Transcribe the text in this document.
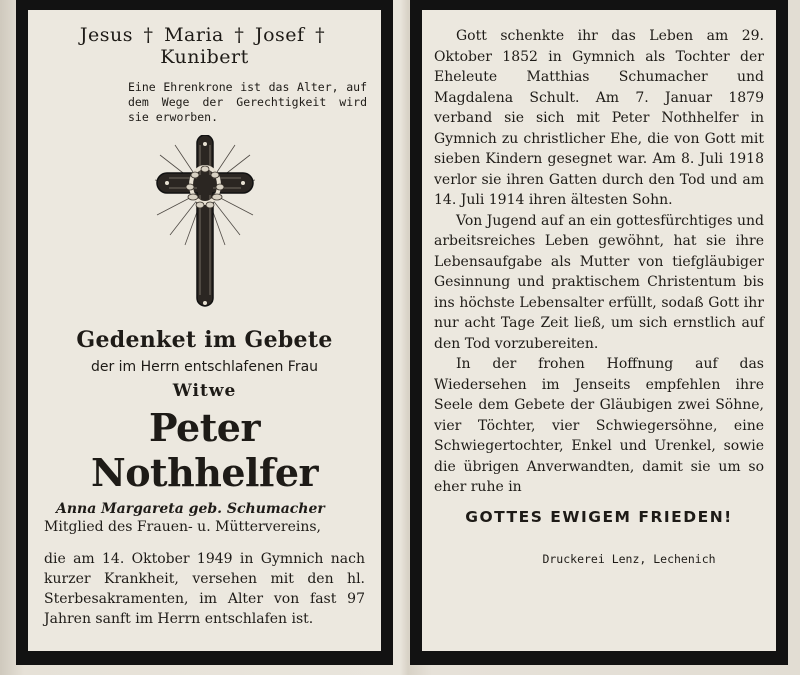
Jesus † Maria † Josef † Kunibert
Eine Ehrenkrone ist das Alter, auf dem Wege der Gerechtigkeit wird sie erworben.
Gedenket im Gebete
der im Herrn entschlafenen Frau
Witwe
Peter Nothhelfer
Anna Margareta geb. Schumacher
Mitglied des Frauen- u. Müttervereins,
die am 14. Oktober 1949 in Gymnich nach kurzer Krankheit, versehen mit den hl. Sterbesakramenten, im Alter von fast 97 Jahren sanft im Herrn entschlafen ist.

Gott schenkte ihr das Leben am 29. Oktober 1852 in Gymnich als Tochter der Eheleute Matthias Schumacher und Magdalena Schult. Am 7. Januar 1879 verband sie sich mit Peter Nothhelfer in Gymnich zu christlicher Ehe, die von Gott mit sieben Kindern gesegnet war. Am 8. Juli 1918 verlor sie ihren Gatten durch den Tod und am 14. Juli 1914 ihren ältesten Sohn.

Von Jugend auf an ein gottesfürchtiges und arbeitsreiches Leben gewöhnt, hat sie ihre Lebensaufgabe als Mutter von tiefgläubiger Gesinnung und praktischem Christentum bis ins höchste Lebensalter erfüllt, sodaß Gott ihr nur acht Tage Zeit ließ, um sich ernstlich auf den Tod vorzubereiten.

In der frohen Hoffnung auf das Wiedersehen im Jenseits empfehlen ihre Seele dem Gebete der Gläubigen zwei Söhne, vier Töchter, vier Schwiegersöhne, eine Schwiegertochter, Enkel und Urenkel, sowie die übrigen Anverwandten, damit sie um so eher ruhe in

GOTTES EWIGEM FRIEDEN!
Druckerei Lenz, Lechenich
